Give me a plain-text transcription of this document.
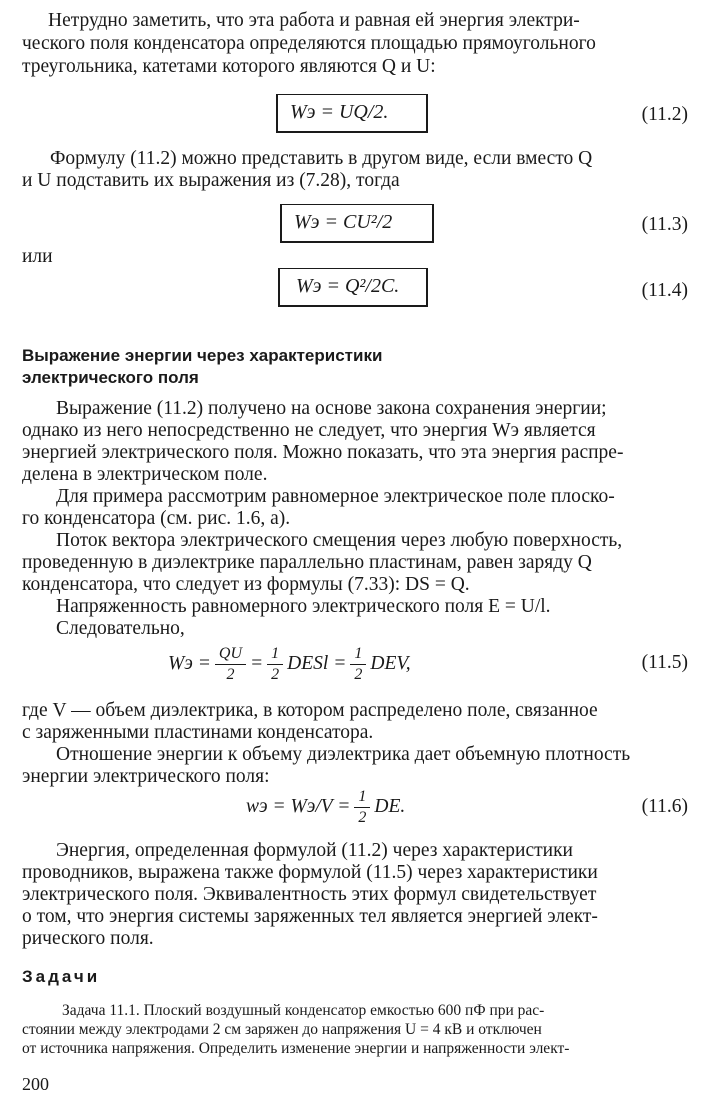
Нетрудно заметить, что эта работа и равная ей энергия электри-
ческого поля конденсатора определяются площадью прямоугольного
треугольника, катетами которого являются Q и U:
Wэ = UQ/2.	(11.2)
Формулу (11.2) можно представить в другом виде, если вместо Q
и U подставить их выражения из (7.28), тогда
Wэ = CU²/2	(11.3)
или
Wэ = Q²/2C.	(11.4)
Выражение энергии через характеристики
электрического поля
Выражение (11.2) получено на основе закона сохранения энергии;
однако из него непосредственно не следует, что энергия Wэ является
энергией электрического поля. Можно показать, что эта энергия распре-
делена в электрическом поле.
Для примера рассмотрим равномерное электрическое поле плоско-
го конденсатора (см. рис. 1.6, а).
Поток вектора электрического смещения через любую поверхность,
проведенную в диэлектрике параллельно пластинам, равен заряду Q
конденсатора, что следует из формулы (7.33): DS = Q.
Напряженность равномерного электрического поля E = U/l.
Следовательно,
Wэ = $\frac{QU}{2} = \frac{1}{2}$ DESl = $\frac{1}{2}$ DEV,	(11.5)
где V — объем диэлектрика, в котором распределено поле, связанное
с заряженными пластинами конденсатора.
Отношение энергии к объему диэлектрика дает объемную плотность
энергии электрического поля:
wэ = $Wэ/V = \frac{1}{2}$ DE.	(11.6)
Энергия, определенная формулой (11.2) через характеристики
проводников, выражена также формулой (11.5) через характеристики
электрического поля. Эквивалентность этих формул свидетельствует
о том, что энергия системы заряженных тел является энергией элект-
рического поля.
Задачи
Задача 11.1. Плоский воздушный конденсатор емкостью 600 пФ при рас-
стоянии между электродами 2 см заряжен до напряжения U = 4 кВ и отключен
от источника напряжения. Определить изменение энергии и напряженности элект-
200
